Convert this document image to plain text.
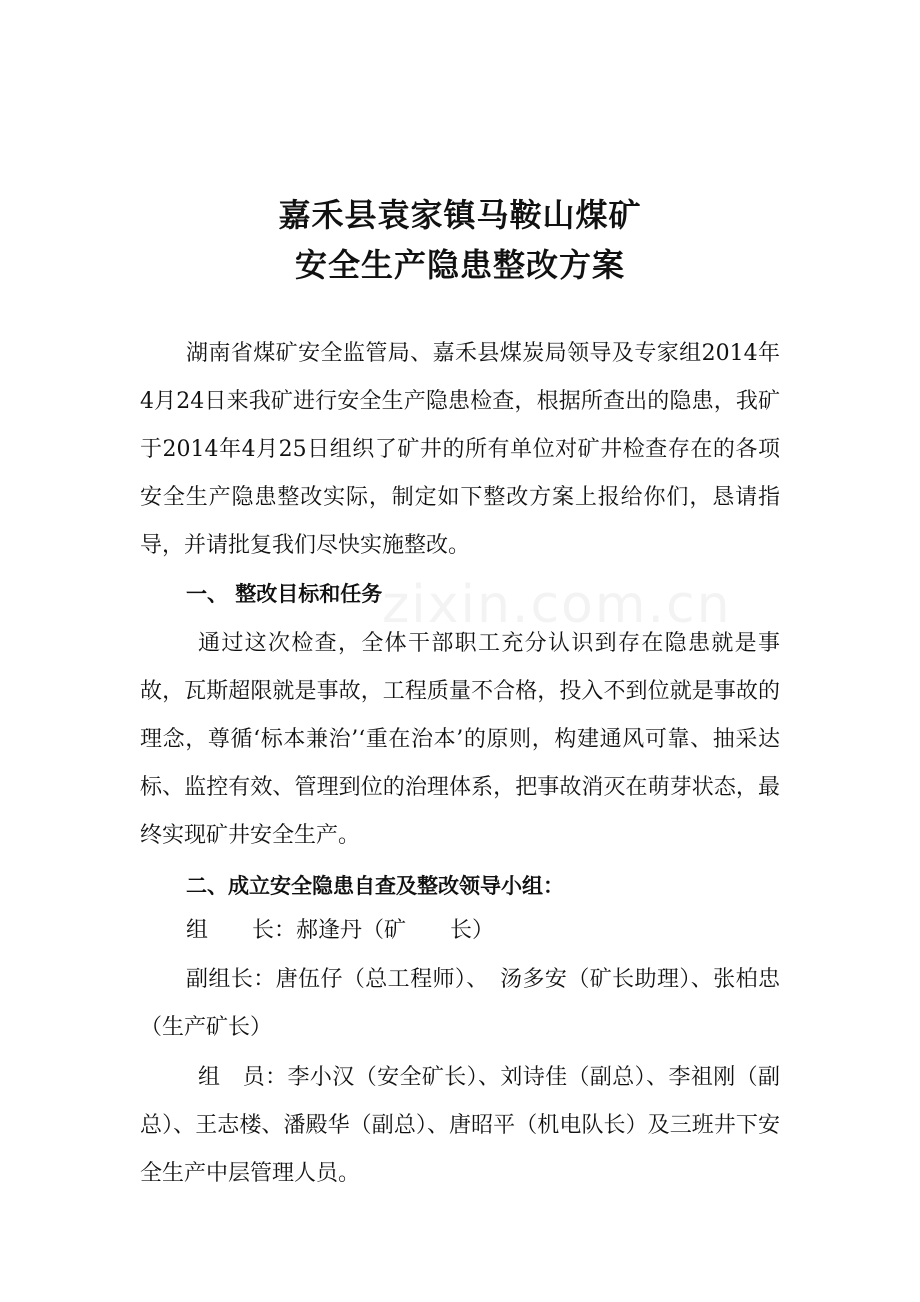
zixin.com.cn
嘉禾县袁家镇马鞍山煤矿
安全生产隐患整改方案

湖南省煤矿安全监管局、嘉禾县煤炭局领导及专家组2014年4月24日来我矿进行安全生产隐患检查，根据所查出的隐患，我矿于2014年4月25日组织了矿井的所有单位对矿井检查存在的各项安全生产隐患整改实际，制定如下整改方案上报给你们，恳请指导，并请批复我们尽快实施整改。

一、 整改目标和任务

通过这次检查，全体干部职工充分认识到存在隐患就是事故，瓦斯超限就是事故，工程质量不合格，投入不到位就是事故的理念，尊循‘标本兼治’‘重在治本’的原则，构建通风可靠、抽采达标、监控有效、管理到位的治理体系，把事故消灭在萌芽状态，最终实现矿井安全生产。

二、成立安全隐患自查及整改领导小组：
组　　长：郝逢丹（矿　　长）

副组长：唐伍仔（总工程师）、　汤多安（矿长助理）、张柏忠（生产矿长）

组　员：李小汉（安全矿长）、刘诗佳（副总）、李祖刚（副总）、王志楼、潘殿华（副总）、唐昭平（机电队长）及三班井下安全生产中层管理人员。
